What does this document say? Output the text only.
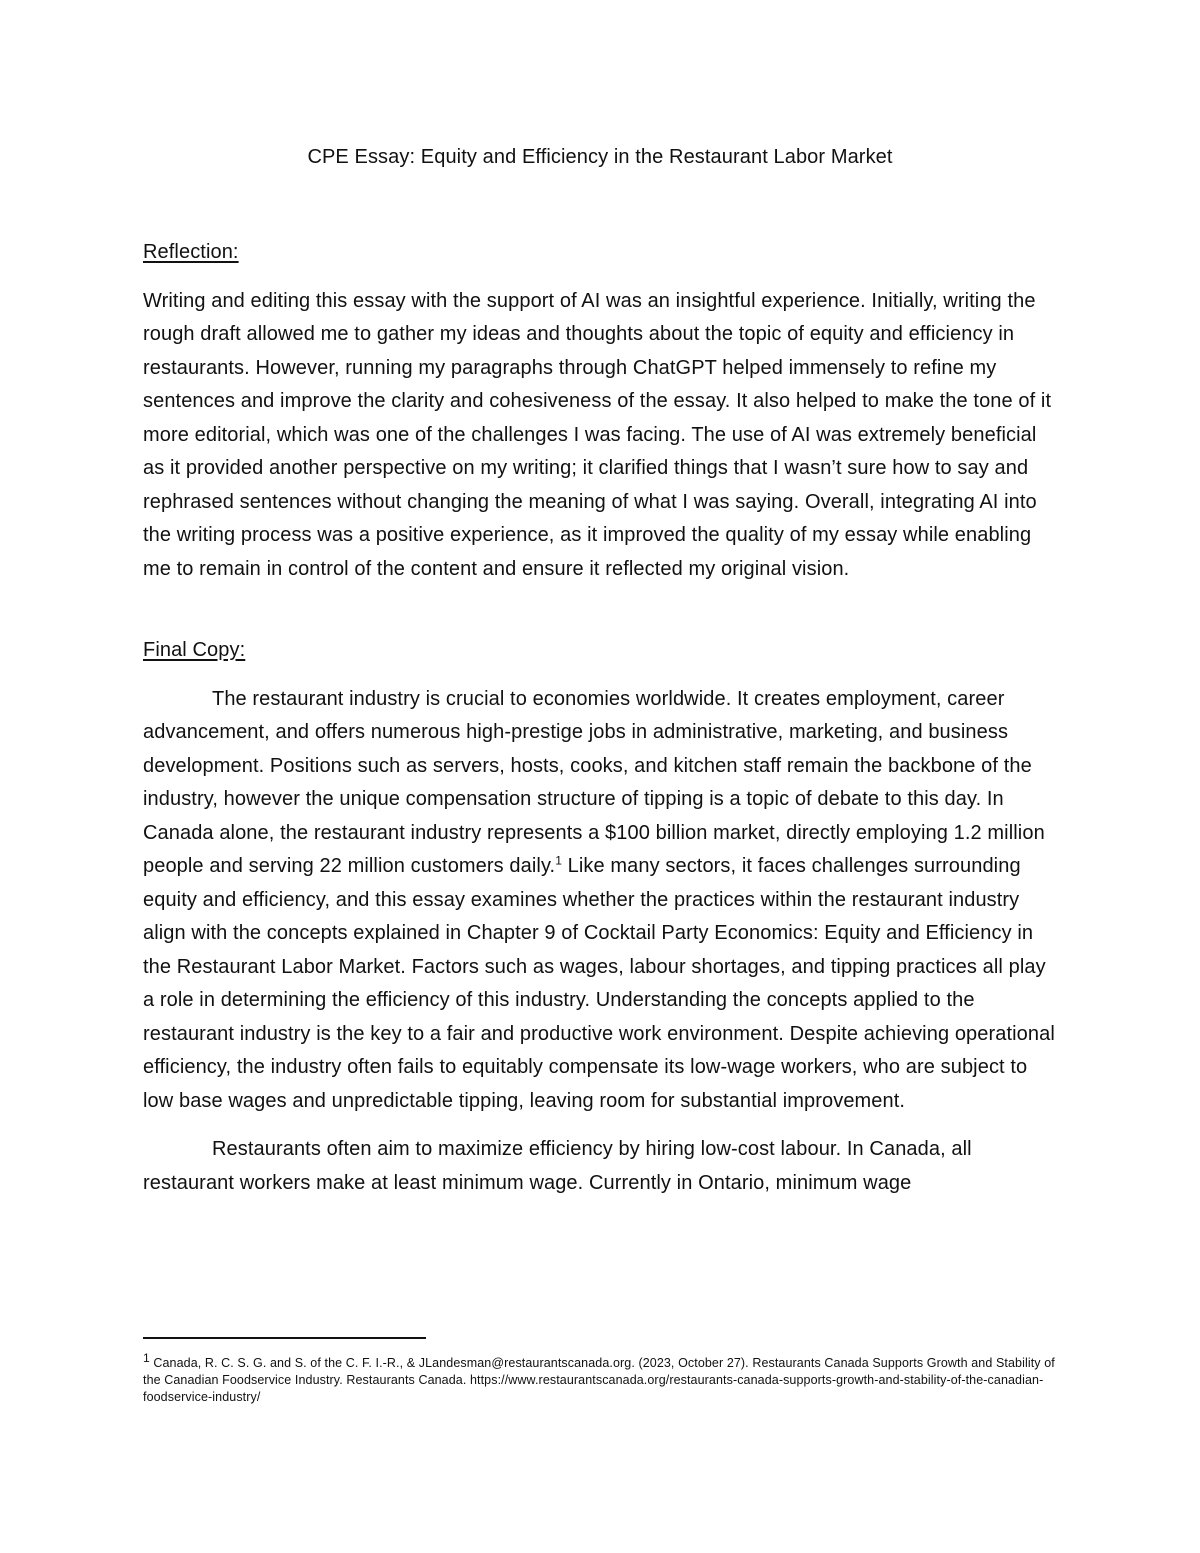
CPE Essay: Equity and Efficiency in the Restaurant Labor Market

Reflection:

Writing and editing this essay with the support of AI was an insightful experience. Initially, writing the rough draft allowed me to gather my ideas and thoughts about the topic of equity and efficiency in restaurants. However, running my paragraphs through ChatGPT helped immensely to refine my sentences and improve the clarity and cohesiveness of the essay. It also helped to make the tone of it more editorial, which was one of the challenges I was facing. The use of AI was extremely beneficial as it provided another perspective on my writing; it clarified things that I wasn’t sure how to say and rephrased sentences without changing the meaning of what I was saying. Overall, integrating AI into the writing process was a positive experience, as it improved the quality of my essay while enabling me to remain in control of the content and ensure it reflected my original vision.

Final Copy:

The restaurant industry is crucial to economies worldwide. It creates employment, career advancement, and offers numerous high-prestige jobs in administrative, marketing, and business development. Positions such as servers, hosts, cooks, and kitchen staff remain the backbone of the industry, however the unique compensation structure of tipping is a topic of debate to this day. In Canada alone, the restaurant industry represents a $100 billion market, directly employing 1.2 million people and serving 22 million customers daily.$^1$ Like many sectors, it faces challenges surrounding equity and efficiency, and this essay examines whether the practices within the restaurant industry align with the concepts explained in Chapter 9 of Cocktail Party Economics: Equity and Efficiency in the Restaurant Labor Market. Factors such as wages, labour shortages, and tipping practices all play a role in determining the efficiency of this industry. Understanding the concepts applied to the restaurant industry is the key to a fair and productive work environment. Despite achieving operational efficiency, the industry often fails to equitably compensate its low-wage workers, who are subject to low base wages and unpredictable tipping, leaving room for substantial improvement.

Restaurants often aim to maximize efficiency by hiring low-cost labour. In Canada, all restaurant workers make at least minimum wage. Currently in Ontario, minimum wage

$^1$ Canada, R. C. S. G. and S. of the C. F. I.-R., & JLandesman@restaurantscanada.org. (2023, October 27). Restaurants Canada Supports Growth and Stability of the Canadian Foodservice Industry. Restaurants Canada. https://www.restaurantscanada.org/restaurants-canada-supports-growth-and-stability-of-the-canadian-foodservice-industry/
